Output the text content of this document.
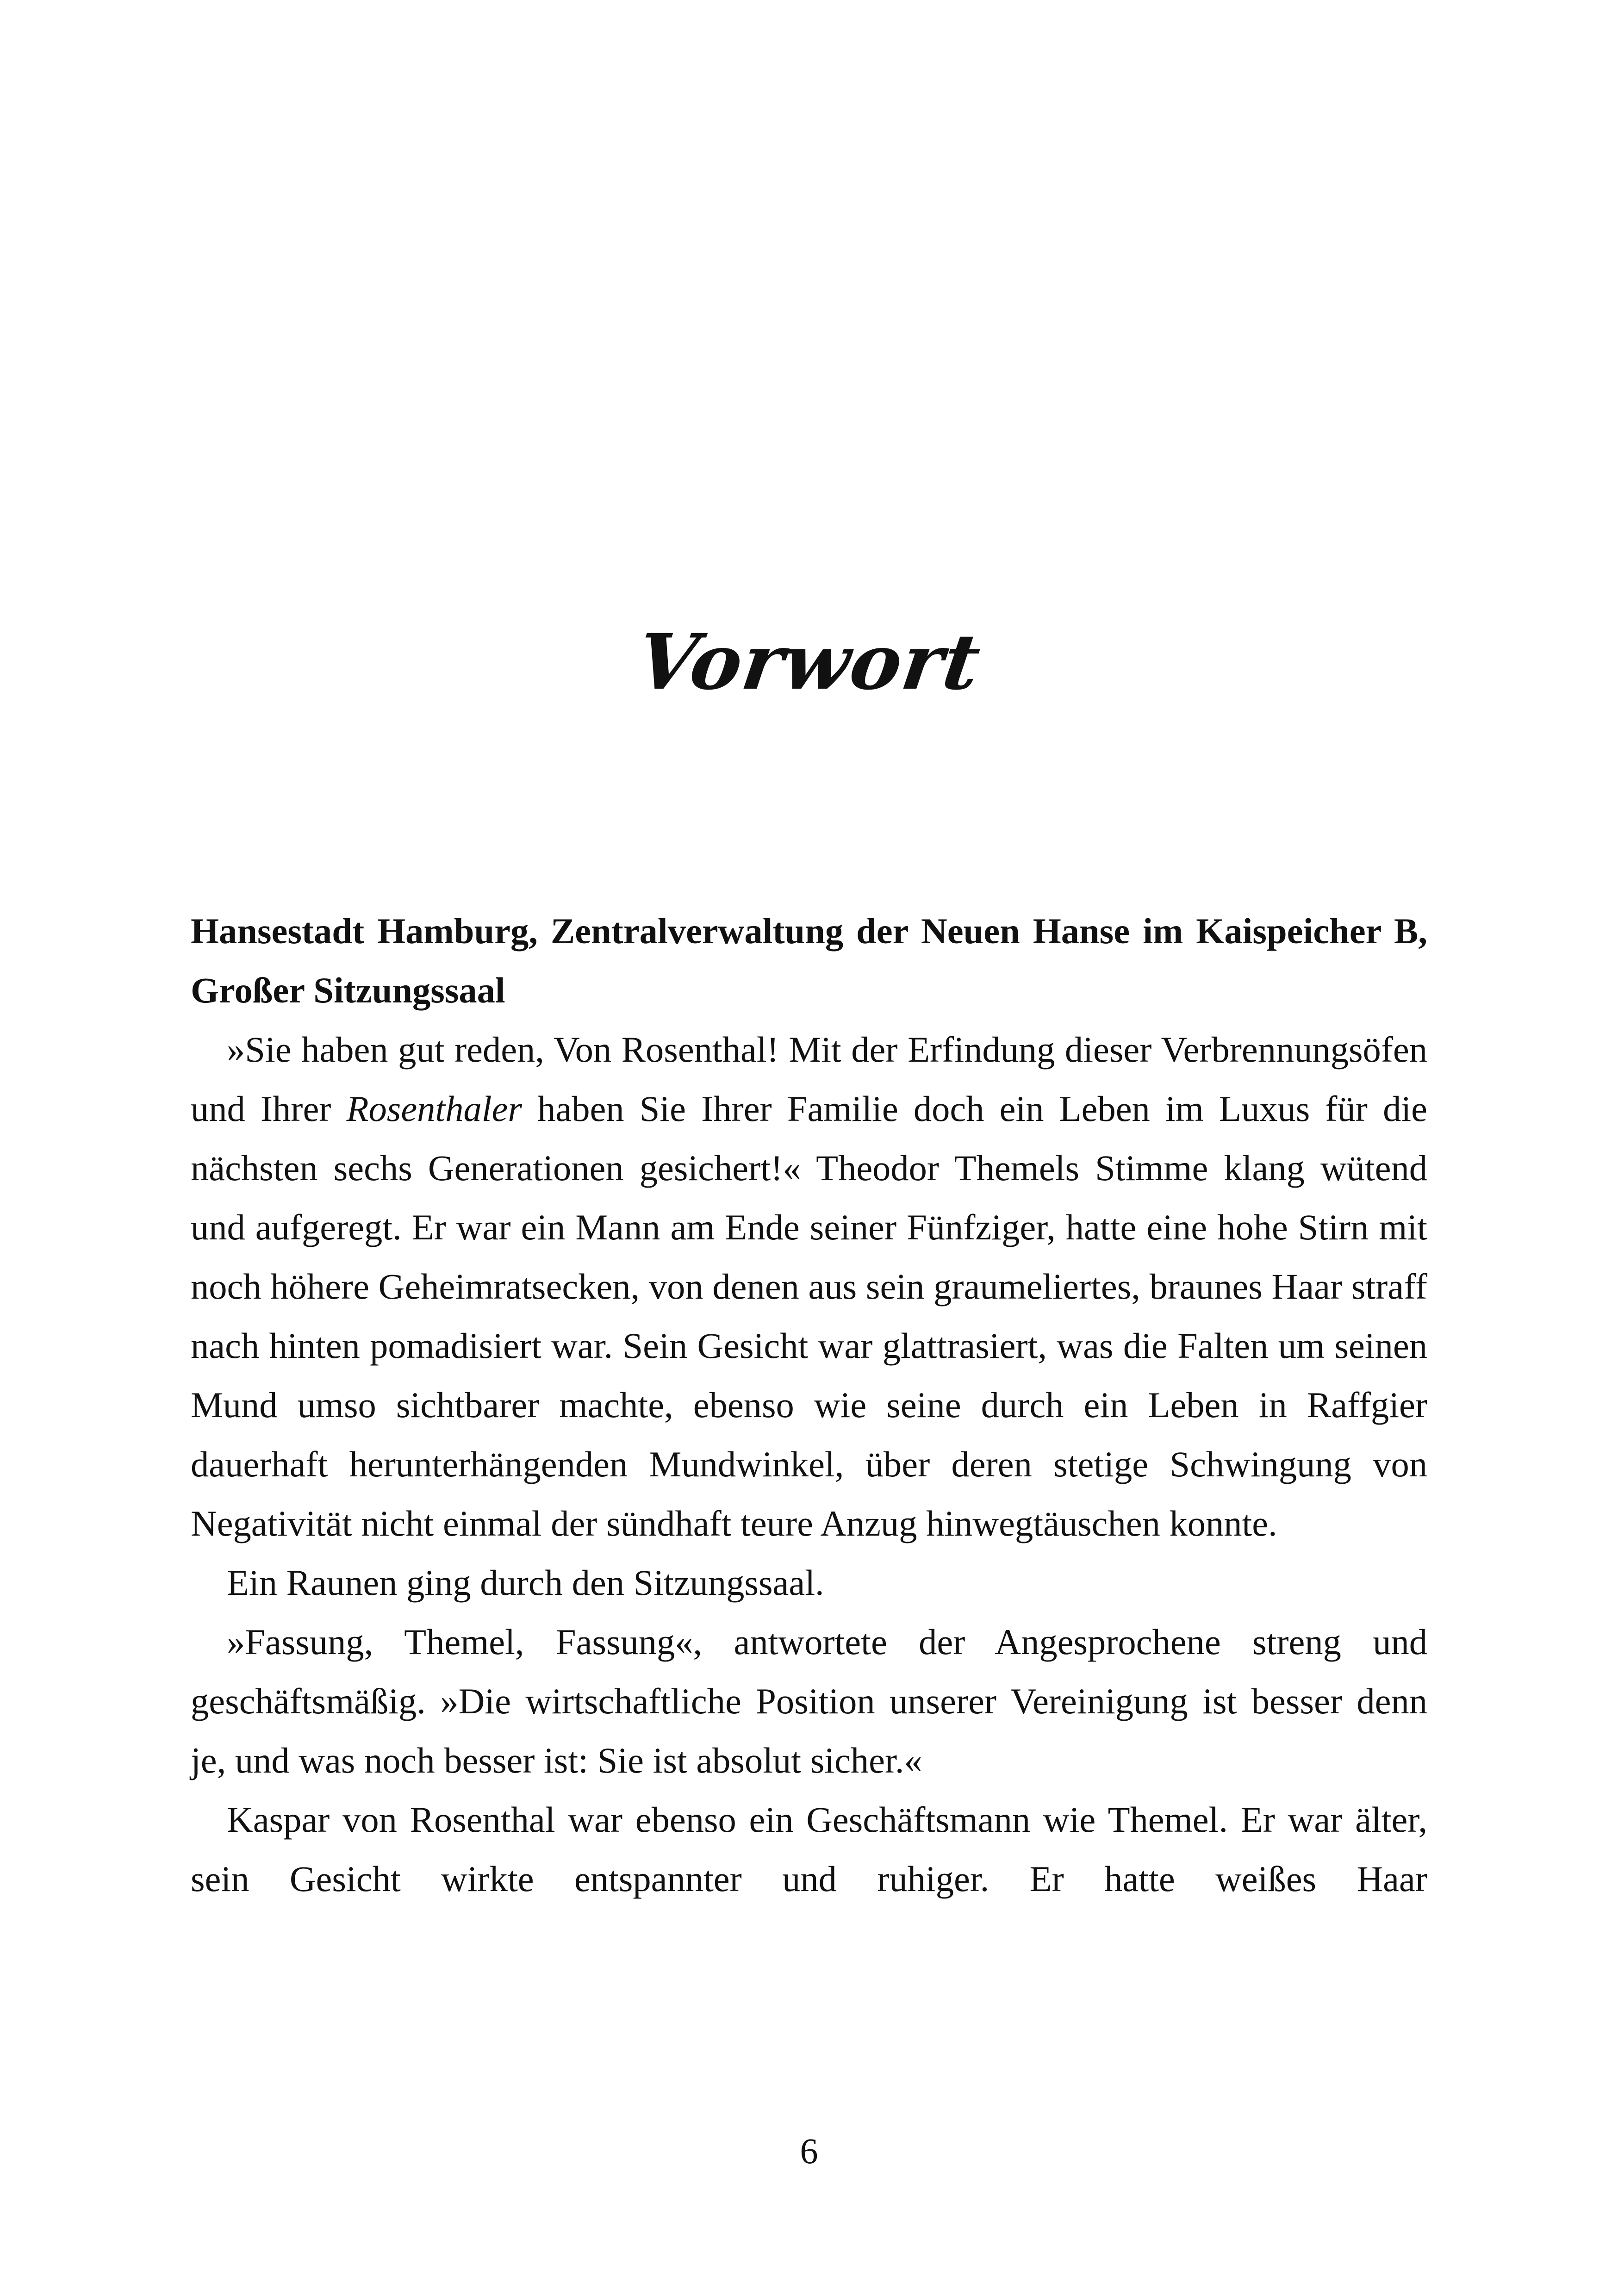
Vorwort

Hansestadt Hamburg, Zentralverwaltung der Neuen Hanse im Kaispeicher B, Großer Sitzungssaal

»Sie haben gut reden, Von Rosenthal! Mit der Erfindung dieser Verbrennungsöfen und Ihrer Rosenthaler haben Sie Ihrer Familie doch ein Leben im Luxus für die nächsten sechs Generationen gesichert!« Theodor Themels Stimme klang wütend und aufgeregt. Er war ein Mann am Ende seiner Fünfziger, hatte eine hohe Stirn mit noch höhere Geheimratsecken, von denen aus sein graumeliertes, braunes Haar straff nach hinten pomadisiert war. Sein Gesicht war glattrasiert, was die Falten um seinen Mund umso sichtbarer machte, ebenso wie seine durch ein Leben in Raffgier dauerhaft herunterhängenden Mundwinkel, über deren stetige Schwingung von Negativität nicht einmal der sündhaft teure Anzug hinwegtäuschen konnte.

Ein Raunen ging durch den Sitzungssaal.

»Fassung, Themel, Fassung«, antwortete der Angesprochene streng und geschäftsmäßig. »Die wirtschaftliche Position unserer Vereinigung ist besser denn je, und was noch besser ist: Sie ist absolut sicher.«

Kaspar von Rosenthal war ebenso ein Geschäftsmann wie Themel. Er war älter, sein Gesicht wirkte entspannter und ruhiger. Er hatte weißes Haar

6
